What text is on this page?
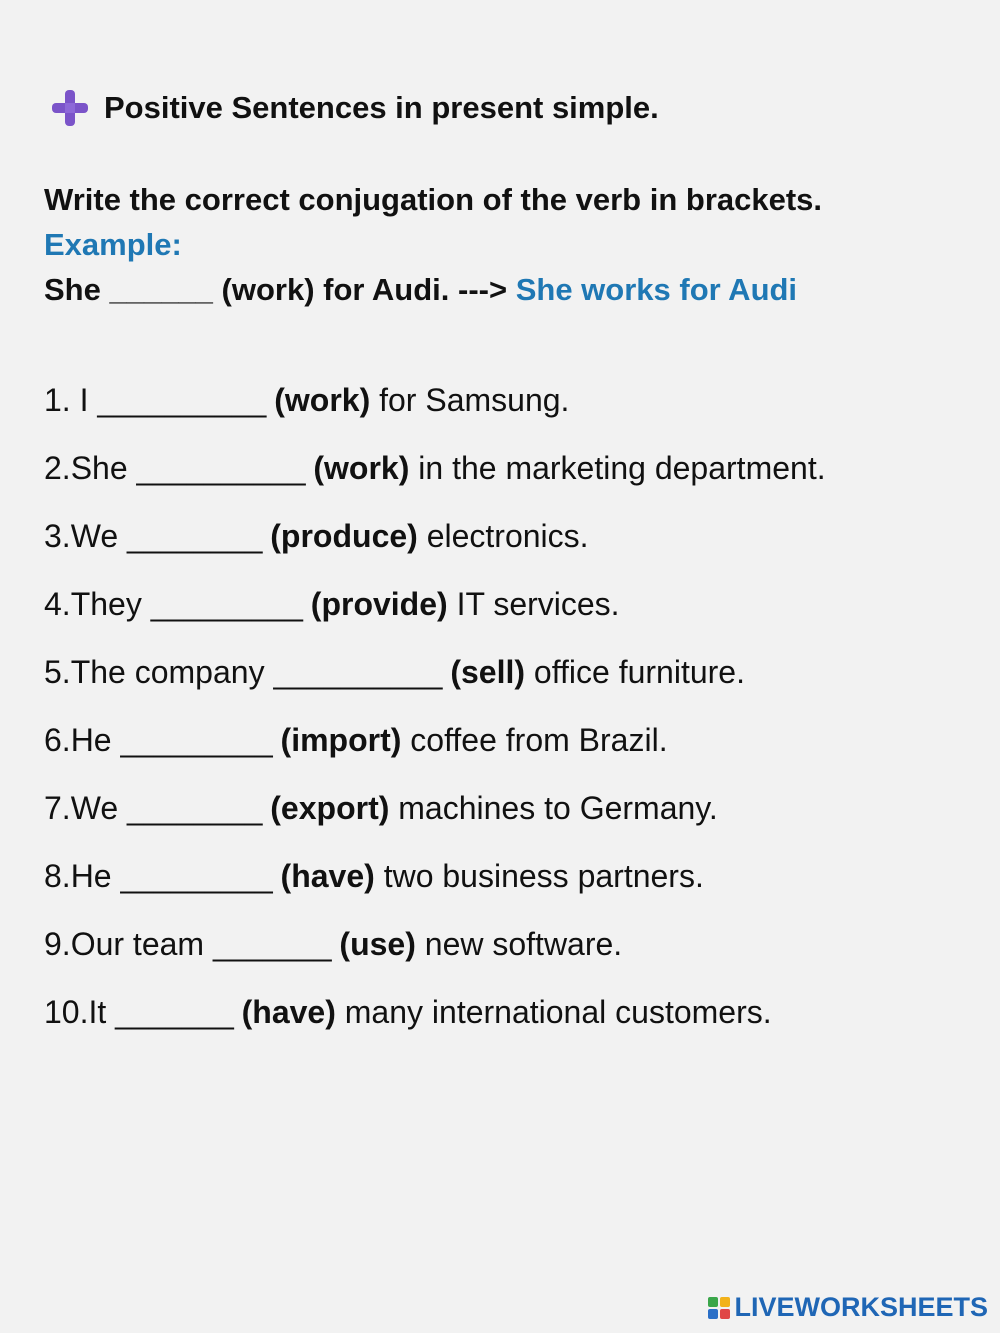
Positive Sentences in present simple.
Write the correct conjugation of the verb in brackets.
Example:
She ______ (work) for Audi. ---> She works for Audi
1. I __________ (work) for Samsung.
2.She __________ (work) in the marketing department.
3.We ________ (produce) electronics.
4.They _________ (provide) IT services.
5.The company __________ (sell) office furniture.
6.He _________ (import) coffee from Brazil.
7.We ________ (export) machines to Germany.
8.He _________ (have) two business partners.
9.Our team _______ (use) new software.
10.It _______ (have) many international customers.
LIVEWORKSHEETS
